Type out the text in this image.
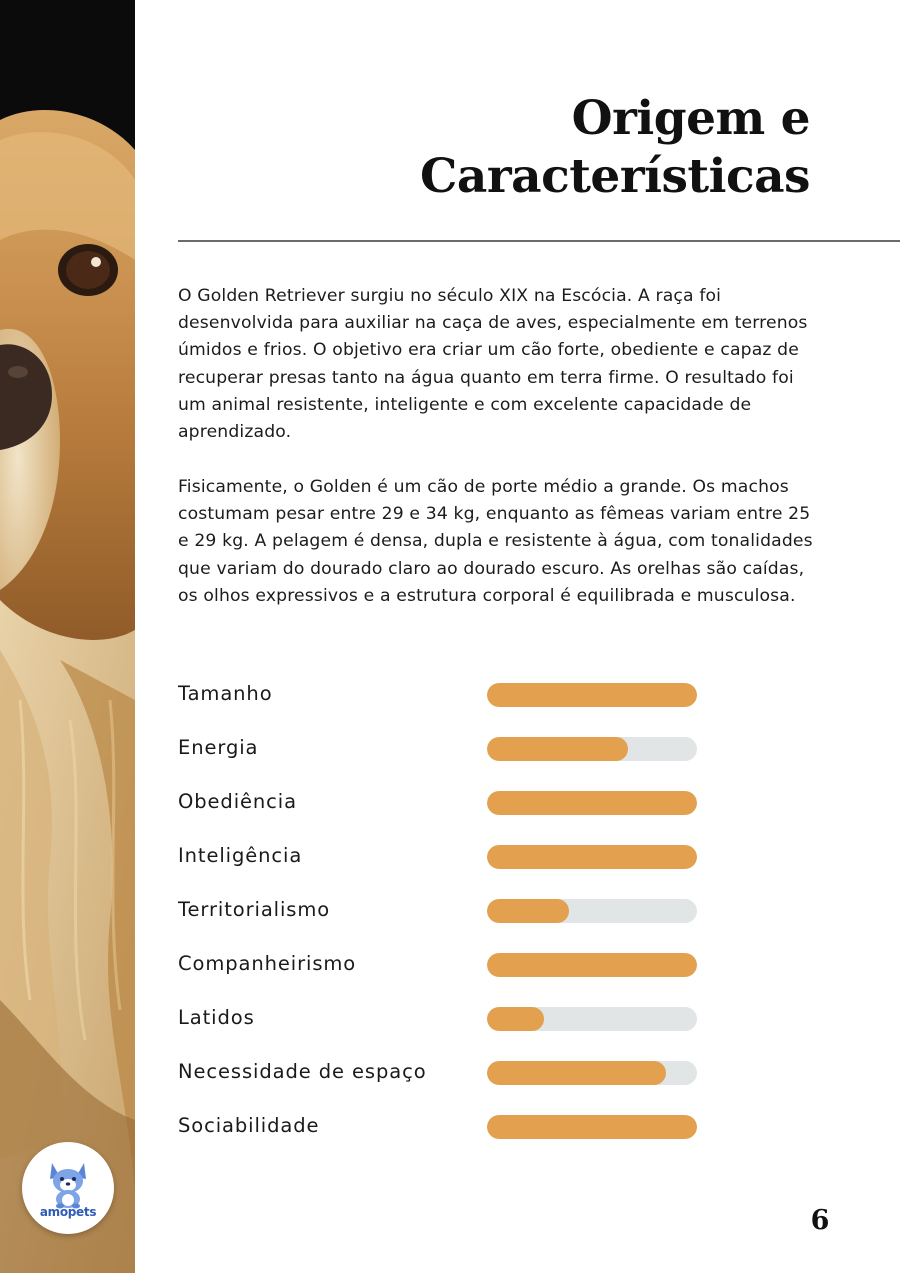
amopets
Origem e
Características

O Golden Retriever surgiu no século XIX na Escócia. A raça foi desenvolvida para auxiliar na caça de aves, especialmente em terrenos úmidos e frios. O objetivo era criar um cão forte, obediente e capaz de recuperar presas tanto na água quanto em terra firme. O resultado foi um animal resistente, inteligente e com excelente capacidade de aprendizado.

Fisicamente, o Golden é um cão de porte médio a grande. Os machos costumam pesar entre 29 e 34 kg, enquanto as fêmeas variam entre 25 e 29 kg. A pelagem é densa, dupla e resistente à água, com tonalidades que variam do dourado claro ao dourado escuro. As orelhas são caídas, os olhos expressivos e a estrutura corporal é equilibrada e musculosa.

Tamanho
Energia
Obediência
Inteligência
Territorialismo
Companheirismo
Latidos
Necessidade de espaço
Sociabilidade
6
